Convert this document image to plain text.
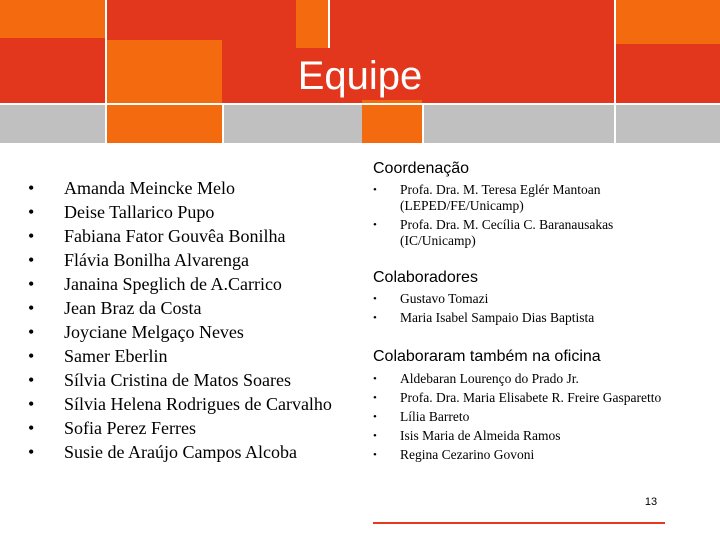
Equipe
• Amanda Meincke Melo
• Deise Tallarico Pupo
• Fabiana Fator Gouvêa Bonilha
• Flávia Bonilha Alvarenga
• Janaina Speglich de A.Carrico
• Jean Braz da Costa
• Joyciane Melgaço Neves
• Samer Eberlin
• Sílvia Cristina de Matos Soares
• Sílvia Helena Rodrigues de Carvalho
• Sofia Perez Ferres
• Susie de Araújo Campos Alcoba
Coordenação
• Profa. Dra. M. Teresa Eglér Mantoan (LEPED/FE/Unicamp)
• Profa. Dra. M. Cecília C. Baranausakas (IC/Unicamp)
Colaboradores
• Gustavo Tomazi
• Maria Isabel Sampaio Dias Baptista
Colaboraram também na oficina
• Aldebaran Lourenço do Prado Jr.
• Profa. Dra. Maria Elisabete R. Freire Gasparetto
• Lília Barreto
• Isis Maria de Almeida Ramos
• Regina Cezarino Govoni
13
